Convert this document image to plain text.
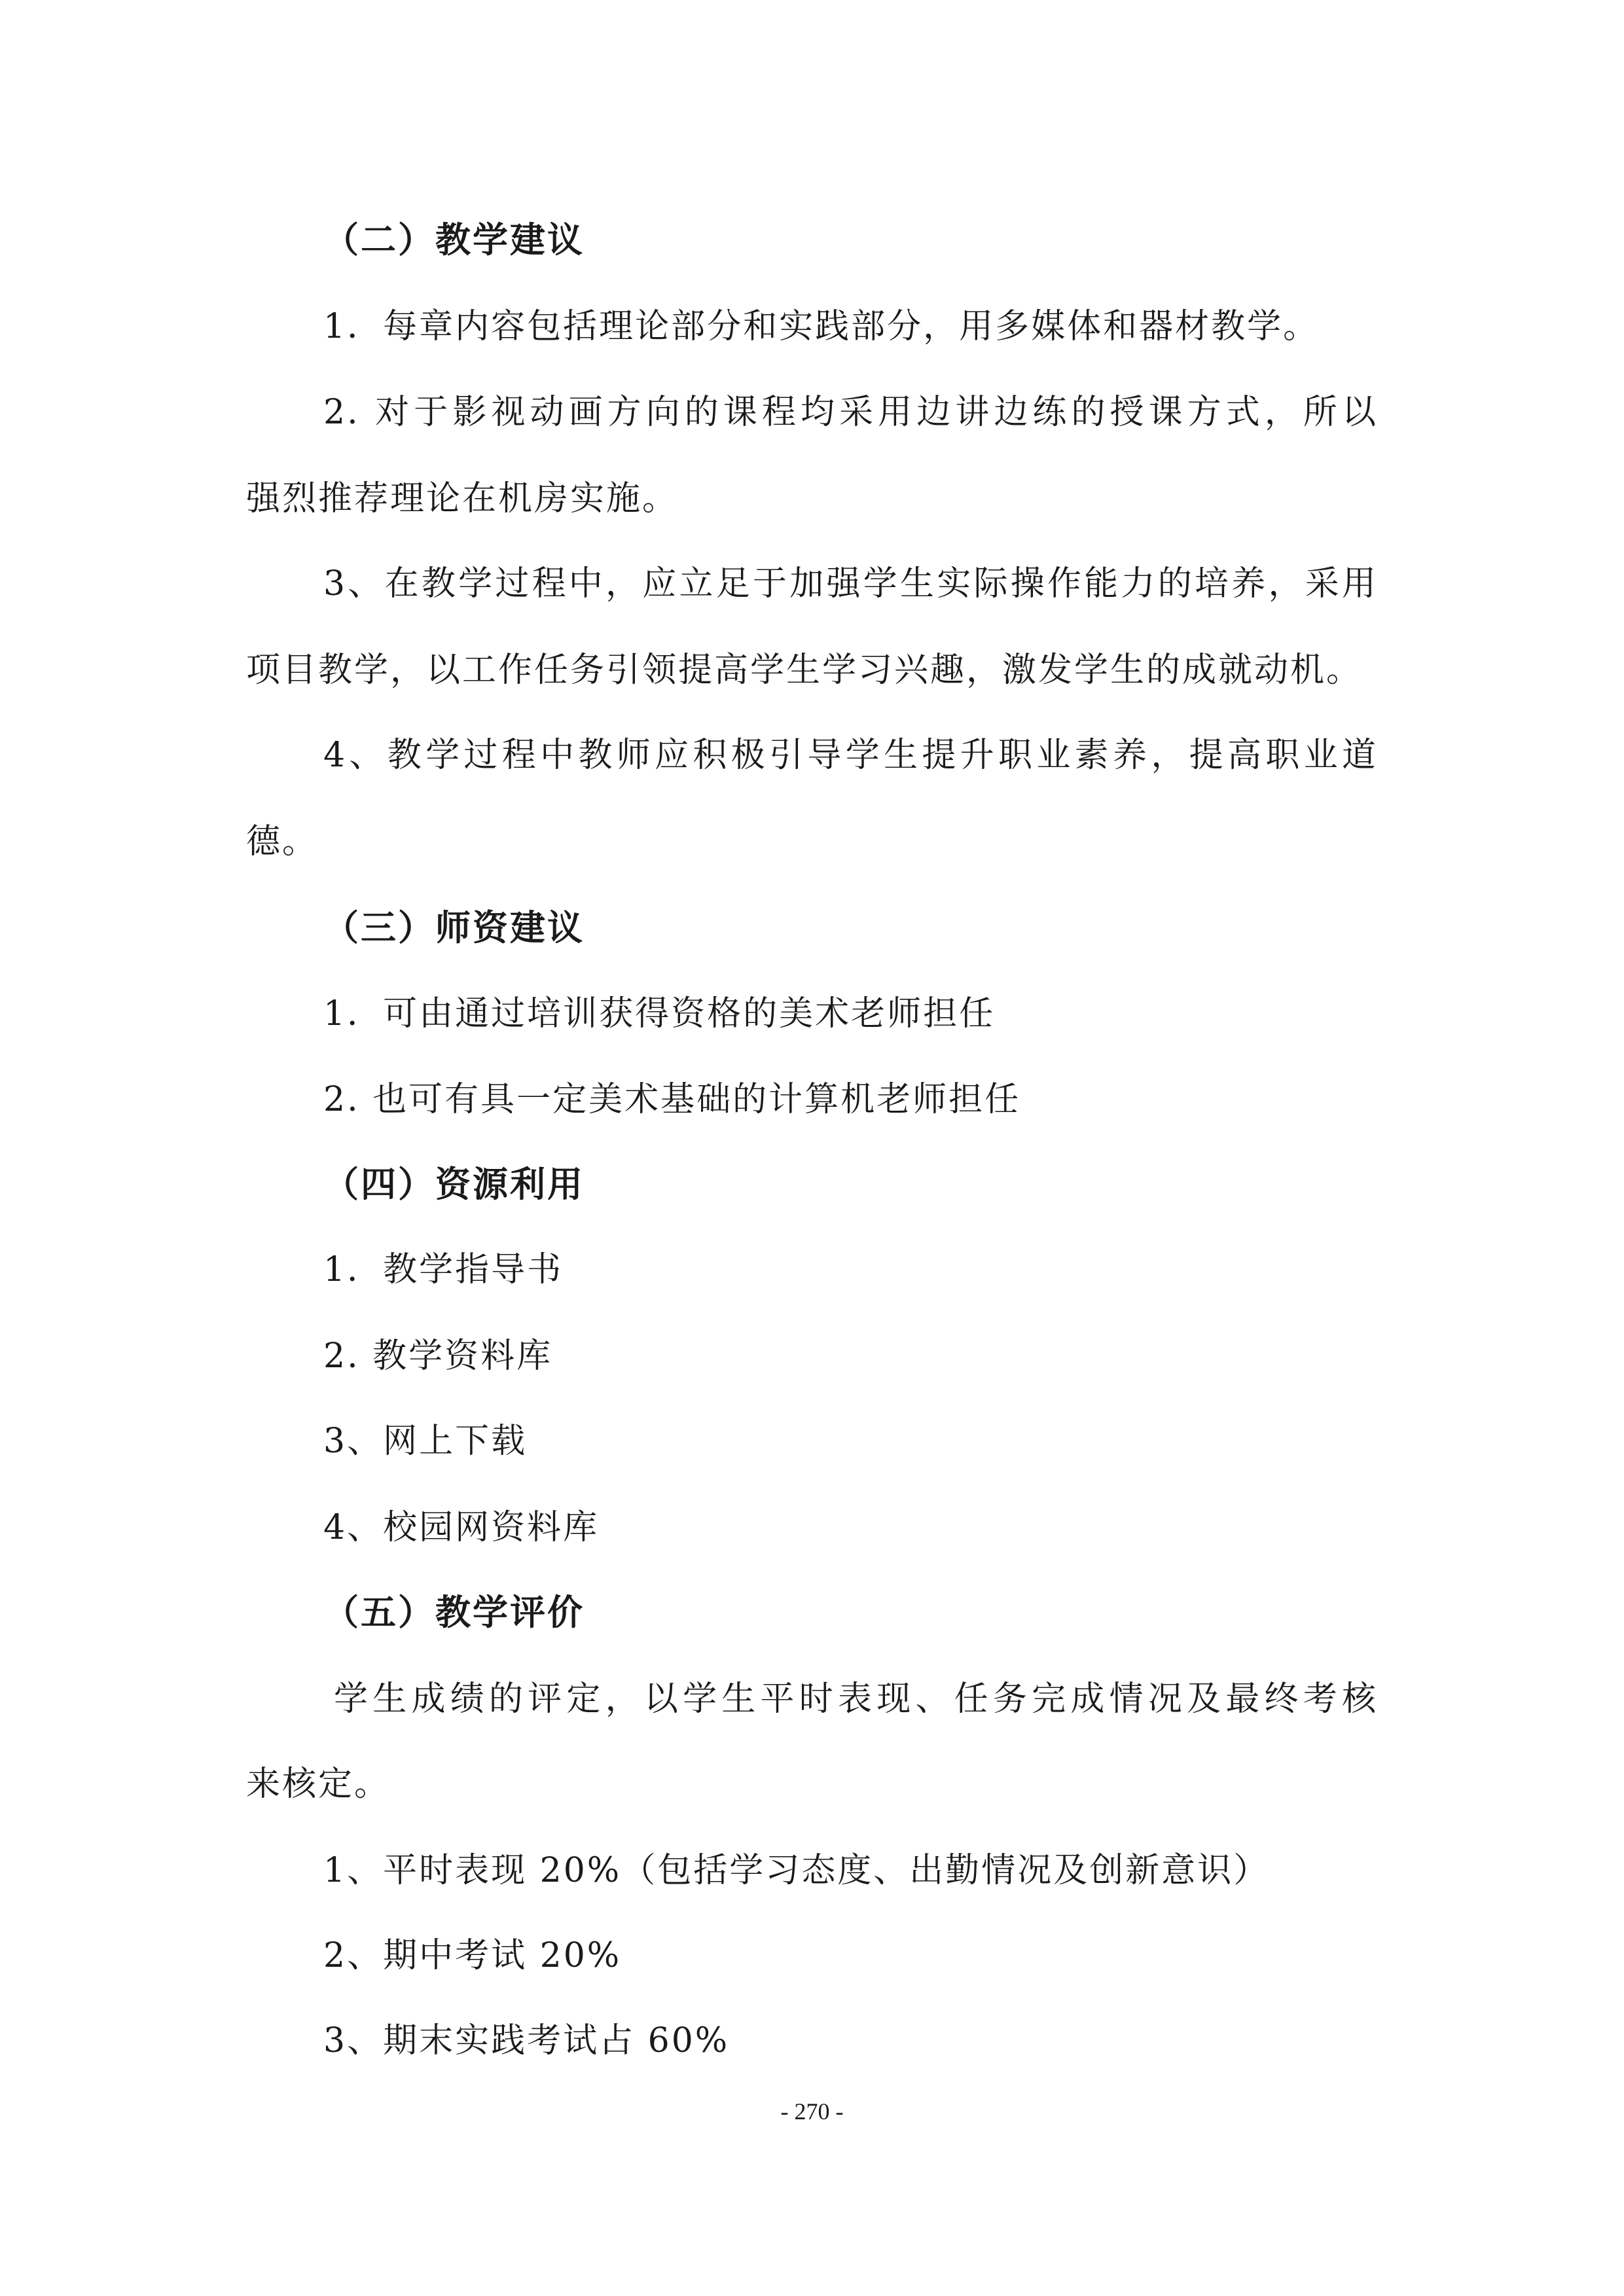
（二）教学建议

1．每章内容包括理论部分和实践部分，用多媒体和器材教学。

2. 对于影视动画方向的课程均采用边讲边练的授课方式，所以

强烈推荐理论在机房实施。

3、在教学过程中，应立足于加强学生实际操作能力的培养，采用

项目教学，以工作任务引领提高学生学习兴趣，激发学生的成就动机。

4、教学过程中教师应积极引导学生提升职业素养，提高职业道

德。

（三）师资建议

1．可由通过培训获得资格的美术老师担任

2. 也可有具一定美术基础的计算机老师担任

（四）资源利用

1．教学指导书

2. 教学资料库

3、网上下载

4、校园网资料库

（五）教学评价

学生成绩的评定，以学生平时表现、任务完成情况及最终考核

来核定。

1、平时表现 20%（包括学习态度、出勤情况及创新意识）

2、期中考试 20%

3、期末实践考试占 60%

- 270 -
